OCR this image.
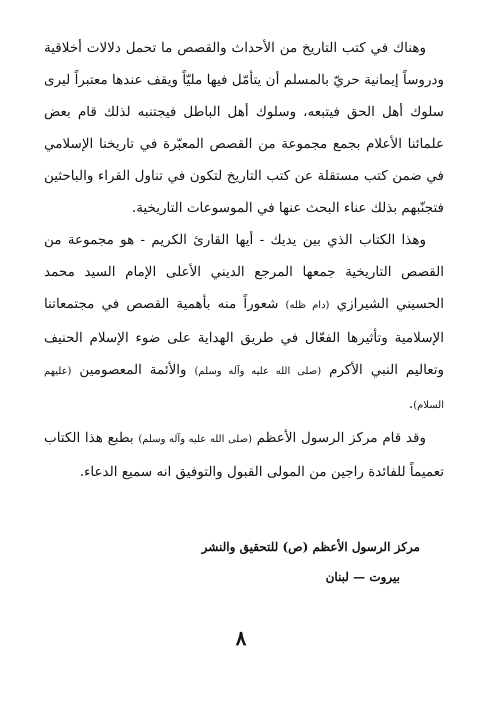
وهناك في كتب التاريخ من الأحداث والقصص ما تحمل دلالات أخلاقية ودروساً إيمانية حريّ بالمسلم أن يتأمّل فيها مليّاً ويقف عندها معتبراً ليرى سلوك أهل الحق فيتبعه، وسلوك أهل الباطل فيجتنبه لذلك قام بعض علمائنا الأعلام بجمع مجموعة من القصص المعبّرة في تاريخنا الإسلامي في ضمن كتب مستقلة عن كتب التاريخ لتكون في تناول القراء والباحثين فتجنّبهم بذلك عناء البحث عنها في الموسوعات التاريخية.

وهذا الكتاب الذي بين يديك - أيها القارئ الكريم - هو مجموعة من القصص التاريخية جمعها المرجع الديني الأعلى الإمام السيد محمد الحسيني الشيرازي (دام ظله) شعوراً منه بأهمية القصص في مجتمعاتنا الإسلامية وتأثيرها الفعّال في طريق الهداية على ضوء الإسلام الحنيف وتعاليم النبي الأكرم (صلى الله عليه وآله وسلم) والأئمة المعصومين (عليهم السلام).

وقد قام مركز الرسول الأعظم (صلى الله عليه وآله وسلم) بطبع هذا الكتاب تعميماً للفائدة راجين من المولى القبول والتوفيق انه سميع الدعاء.

مركز الرسول الأعظم (ص) للتحقيق والنشر
بيروت — لبنان
٨
